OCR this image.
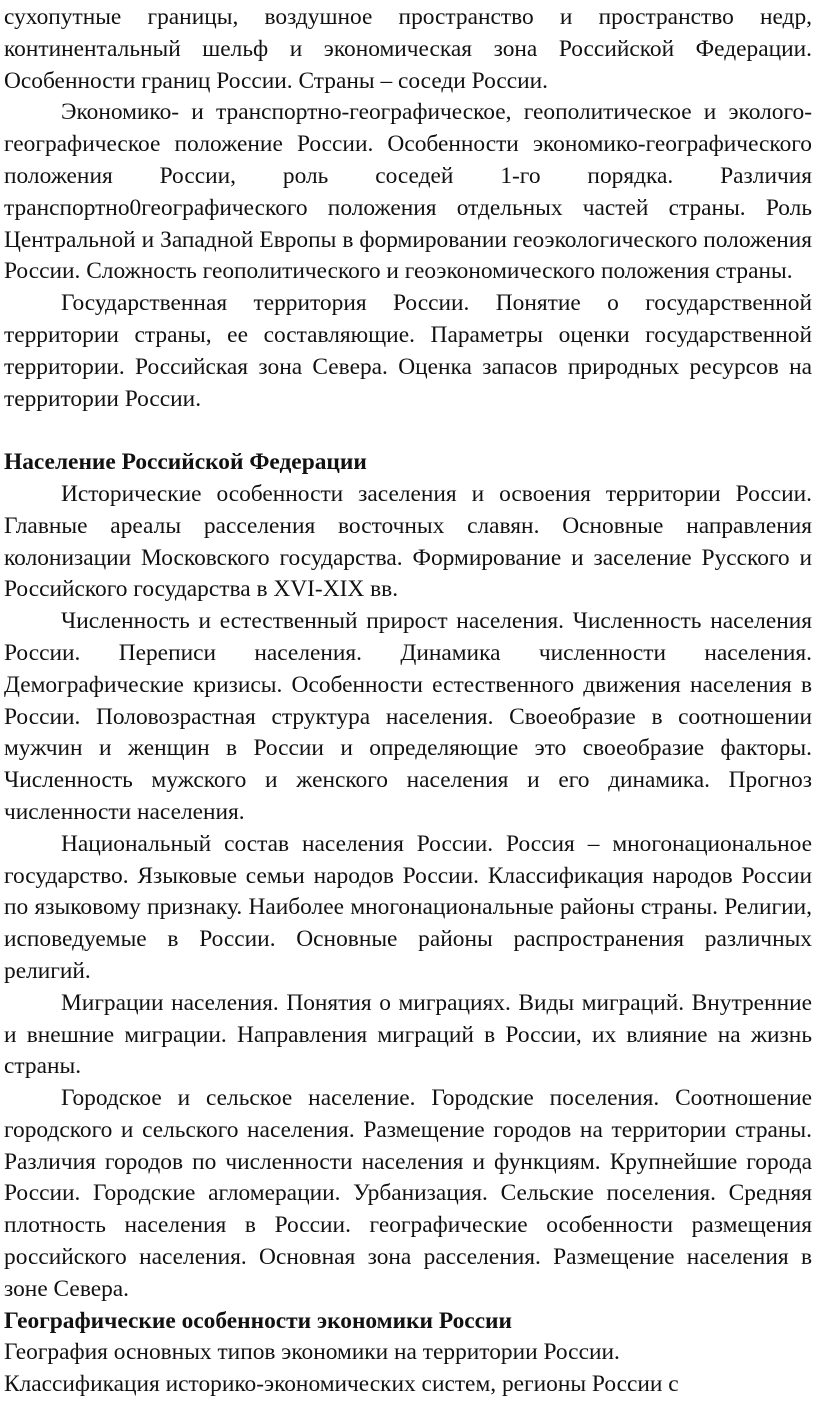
сухопутные границы, воздушное пространство и пространство недр, континентальный шельф и экономическая зона Российской Федерации. Особенности границ России. Страны – соседи России.

Экономико- и транспортно-географическое, геополитическое и эколого-географическое положение России. Особенности экономико-географического положения России, роль соседей 1-го порядка. Различия транспортно0географического положения отдельных частей страны. Роль Центральной и Западной Европы в формировании геоэкологического положения России. Сложность геополитического и геоэкономического положения страны.

Государственная территория России. Понятие о государственной территории страны, ее составляющие. Параметры оценки государственной территории. Российская зона Севера. Оценка запасов природных ресурсов на территории России.

Население Российской Федерации

Исторические особенности заселения и освоения территории России. Главные ареалы расселения восточных славян. Основные направления колонизации Московского государства. Формирование и заселение Русского и Российского государства в XVI-XIX вв.

Численность и естественный прирост населения. Численность населения России. Переписи населения. Динамика численности населения. Демографические кризисы. Особенности естественного движения населения в России. Половозрастная структура населения. Своеобразие в соотношении мужчин и женщин в России и определяющие это своеобразие факторы. Численность мужского и женского населения и его динамика. Прогноз численности населения.

Национальный состав населения России. Россия – многонациональное государство. Языковые семьи народов России. Классификация народов России по языковому признаку. Наиболее многонациональные районы страны. Религии, исповедуемые в России. Основные районы распространения различных религий.

Миграции населения. Понятия о миграциях. Виды миграций. Внутренние и внешние миграции. Направления миграций в России, их влияние на жизнь страны.

Городское и сельское население. Городские поселения. Соотношение городского и сельского населения. Размещение городов на территории страны. Различия городов по численности населения и функциям. Крупнейшие города России. Городские агломерации. Урбанизация. Сельские поселения. Средняя плотность населения в России. географические особенности размещения российского населения. Основная зона расселения. Размещение населения в зоне Севера.

Географические особенности экономики России

География основных типов экономики на территории России.

Классификация историко-экономических систем, регионы России с
